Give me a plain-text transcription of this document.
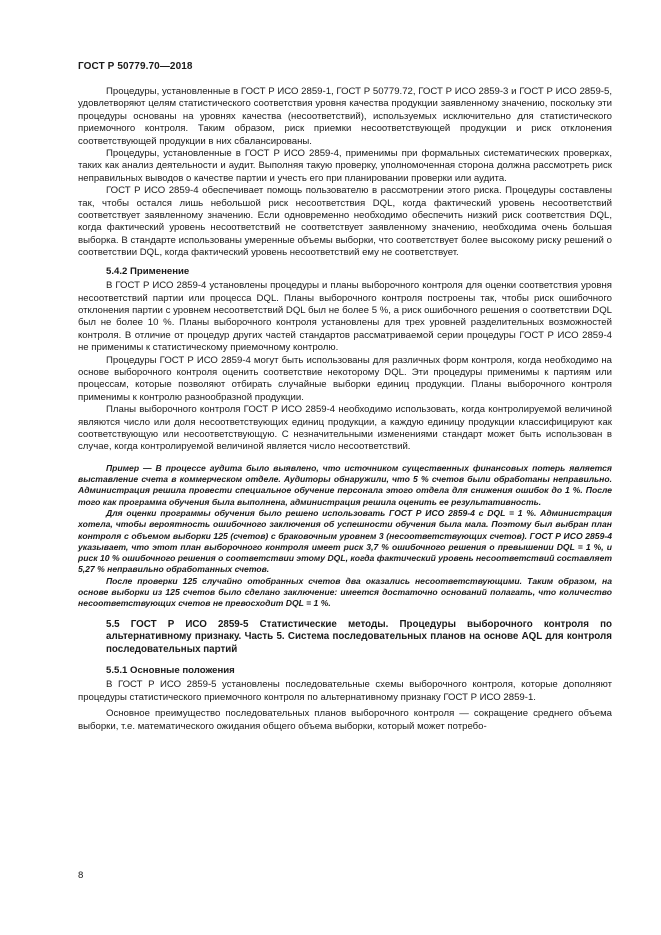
ГОСТ Р 50779.70—2018

Процедуры, установленные в ГОСТ Р ИСО 2859-1, ГОСТ Р 50779.72, ГОСТ Р ИСО 2859-3 и ГОСТ Р ИСО 2859-5, удовлетворяют целям статистического соответствия уровня качества продукции заявленному значению, поскольку эти процедуры основаны на уровнях качества (несоответствий), используемых исключительно для статистического приемочного контроля. Таким образом, риск приемки несоответствующей продукции и риск отклонения соответствующей продукции в них сбалансированы.

Процедуры, установленные в ГОСТ Р ИСО 2859-4, применимы при формальных систематических проверках, таких как анализ деятельности и аудит. Выполняя такую проверку, уполномоченная сторона должна рассмотреть риск неправильных выводов о качестве партии и учесть его при планировании проверки или аудита.

ГОСТ Р ИСО 2859-4 обеспечивает помощь пользователю в рассмотрении этого риска. Процедуры составлены так, чтобы остался лишь небольшой риск несоответствия DQL, когда фактический уровень несоответствий соответствует заявленному значению. Если одновременно необходимо обеспечить низкий риск соответствия DQL, когда фактический уровень несоответствий не соответствует заявленному значению, необходима очень большая выборка. В стандарте использованы умеренные объемы выборки, что соответствует более высокому риску решений о соответствии DQL, когда фактический уровень несоответствий ему не соответствует.

5.4.2 Применение

В ГОСТ Р ИСО 2859-4 установлены процедуры и планы выборочного контроля для оценки соответствия уровня несоответствий партии или процесса DQL. Планы выборочного контроля построены так, чтобы риск ошибочного отклонения партии с уровнем несоответствий DQL был не более 5 %, а риск ошибочного решения о соответствии DQL был не более 10 %. Планы выборочного контроля установлены для трех уровней разделительных возможностей контроля. В отличие от процедур других частей стандартов рассматриваемой серии процедуры ГОСТ Р ИСО 2859-4 не применимы к статистическому приемочному контролю.

Процедуры ГОСТ Р ИСО 2859-4 могут быть использованы для различных форм контроля, когда необходимо на основе выборочного контроля оценить соответствие некоторому DQL. Эти процедуры применимы к партиям или процессам, которые позволяют отбирать случайные выборки единиц продукции. Планы выборочного контроля применимы к контролю разнообразной продукции.

Планы выборочного контроля ГОСТ Р ИСО 2859-4 необходимо использовать, когда контролируемой величиной являются число или доля несоответствующих единиц продукции, а каждую единицу продукции классифицируют как соответствующую или несоответствующую. С незначительными изменениями стандарт может быть использован в случае, когда контролируемой величиной является число несоответствий.

Пример — В процессе аудита было выявлено, что источником существенных финансовых потерь является выставление счета в коммерческом отделе. Аудиторы обнаружили, что 5 % счетов были обработаны неправильно. Администрация решила провести специальное обучение персонала этого отдела для снижения ошибок до 1 %. После того как программа обучения была выполнена, администрация решила оценить ее результативность.

Для оценки программы обучения было решено использовать ГОСТ Р ИСО 2859-4 с DQL = 1 %. Администрация хотела, чтобы вероятность ошибочного заключения об успешности обучения была мала. Поэтому был выбран план контроля с объемом выборки 125 (счетов) с браковочным уровнем 3 (несоответствующих счетов). ГОСТ Р ИСО 2859-4 указывает, что этот план выборочного контроля имеет риск 3,7 % ошибочного решения о превышении DQL = 1 %, и риск 10 % ошибочного решения о соответствии этому DQL, когда фактический уровень несоответствий составляет 5,27 % неправильно обработанных счетов.

После проверки 125 случайно отобранных счетов два оказались несоответствующими. Таким образом, на основе выборки из 125 счетов было сделано заключение: имеется достаточно оснований полагать, что количество несоответствующих счетов не превосходит DQL = 1 %.

5.5 ГОСТ Р ИСО 2859-5 Статистические методы. Процедуры выборочного контроля по альтернативному признаку. Часть 5. Система последовательных планов на основе AQL для контроля последовательных партий
5.5.1 Основные положения

В ГОСТ Р ИСО 2859-5 установлены последовательные схемы выборочного контроля, которые дополняют процедуры статистического приемочного контроля по альтернативному признаку ГОСТ Р ИСО 2859-1.

Основное преимущество последовательных планов выборочного контроля — сокращение среднего объема выборки, т.е. математического ожидания общего объема выборки, который может потребо-

8
